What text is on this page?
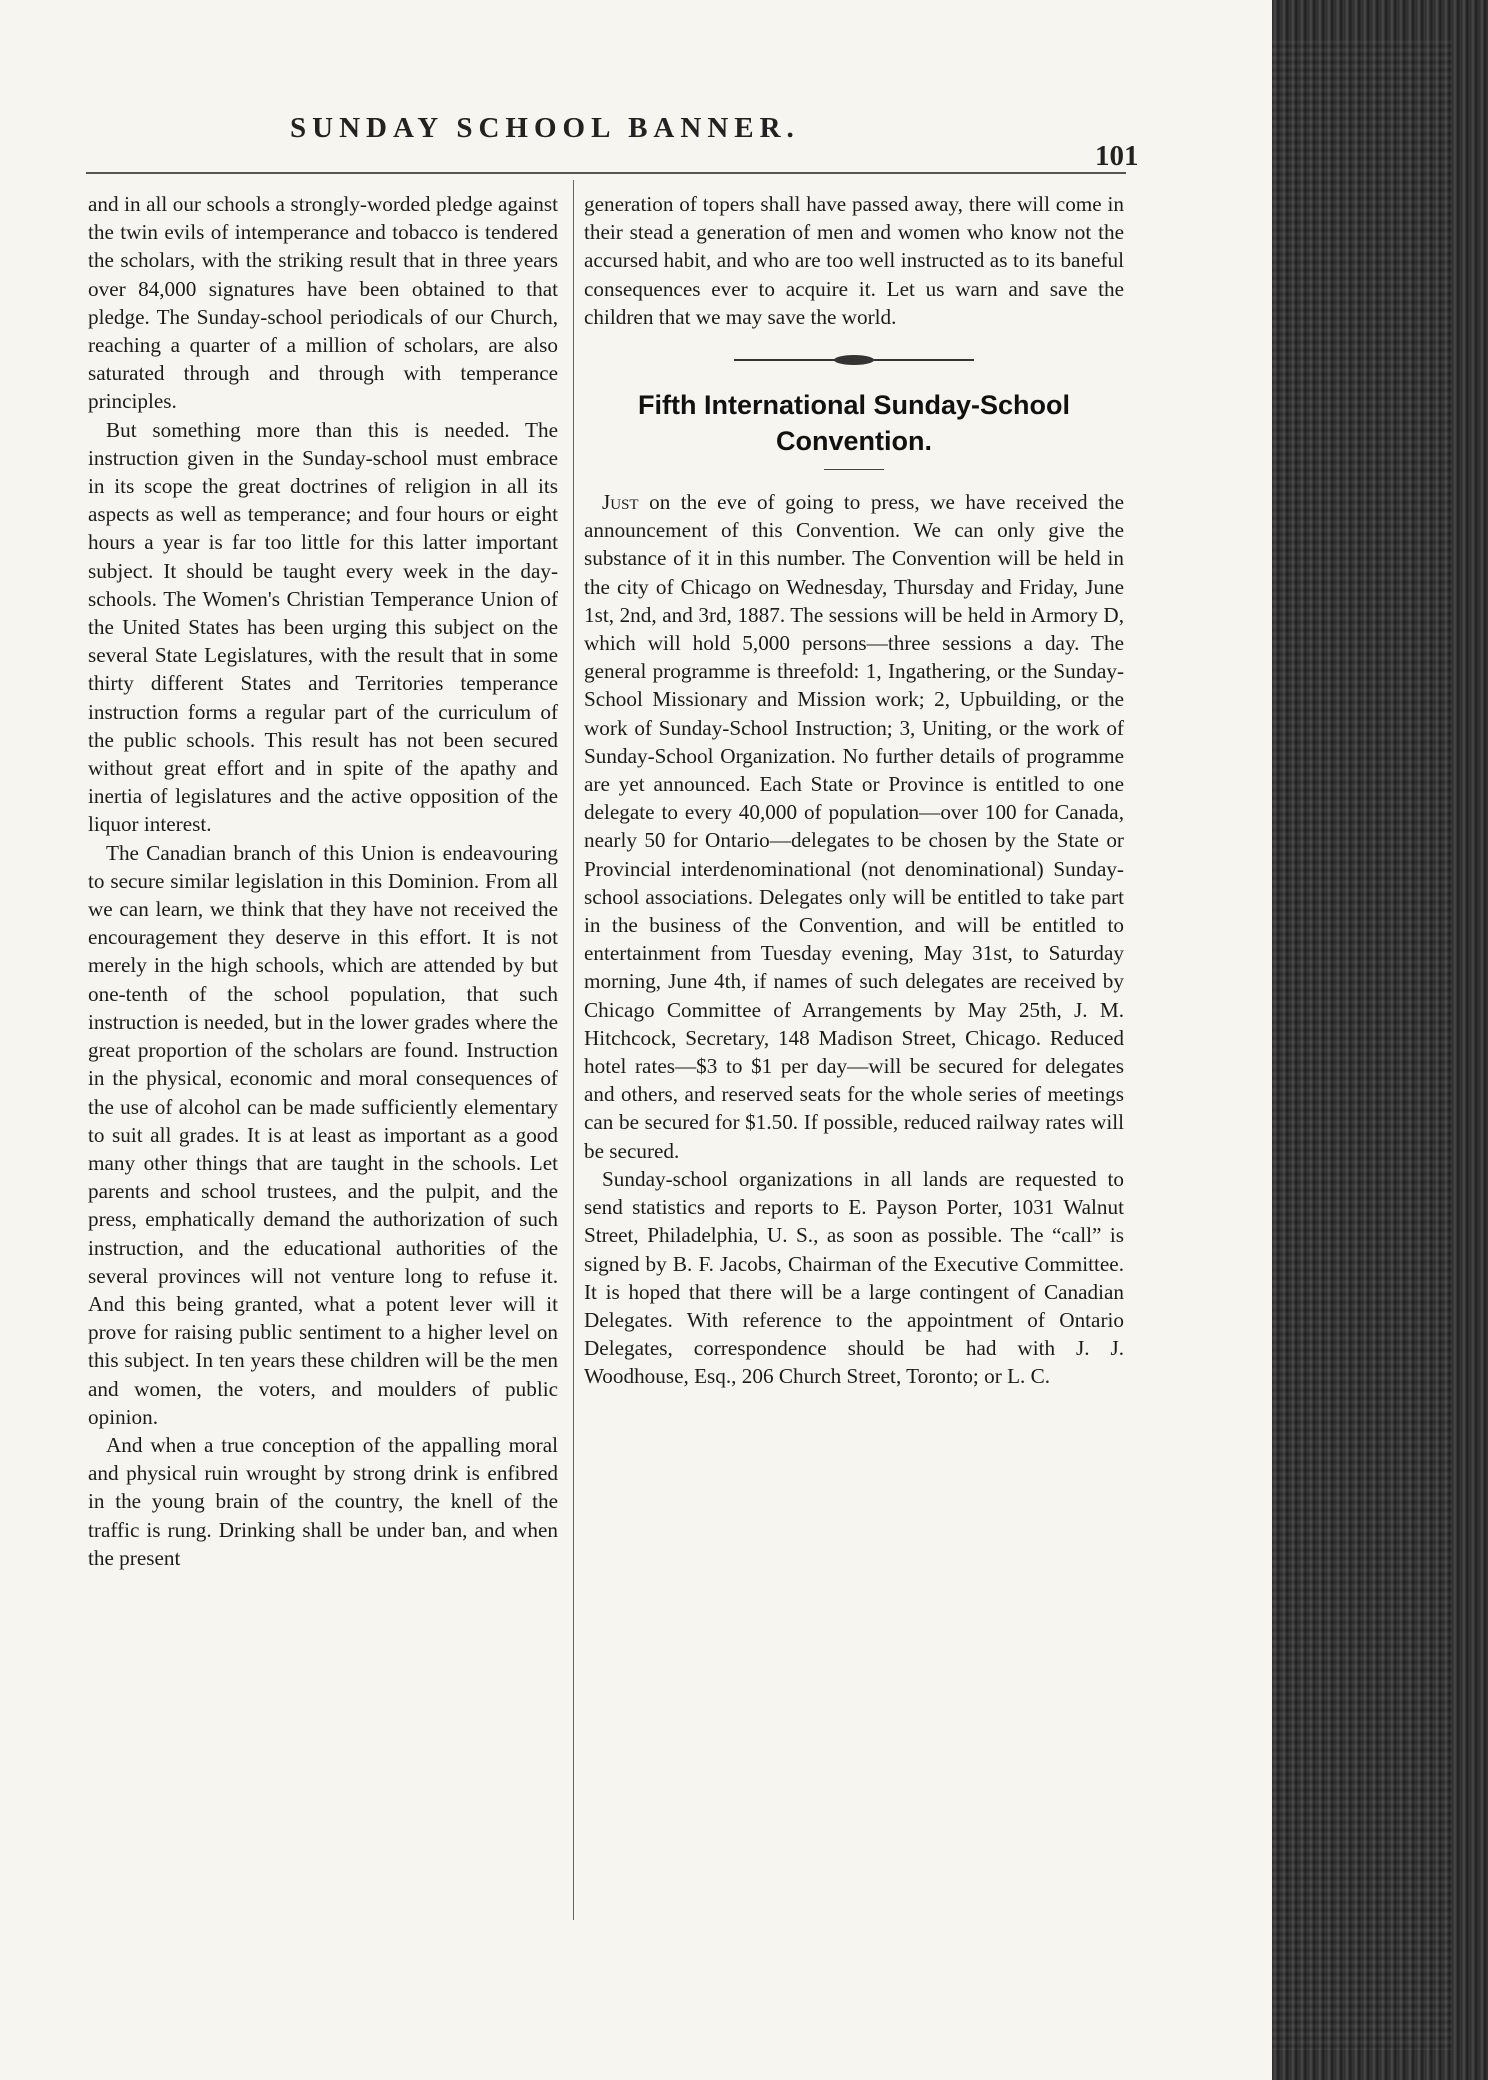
SUNDAY SCHOOL BANNER.
101

and in all our schools a strongly-worded pledge against the twin evils of intemperance and tobacco is tendered the scholars, with the striking result that in three years over 84,000 signatures have been obtained to that pledge. The Sunday-school periodicals of our Church, reaching a quarter of a million of scholars, are also saturated through and through with temperance principles.

But something more than this is needed. The instruction given in the Sunday-school must embrace in its scope the great doctrines of religion in all its aspects as well as temperance; and four hours or eight hours a year is far too little for this latter important subject. It should be taught every week in the day-schools. The Women's Christian Temperance Union of the United States has been urging this subject on the several State Legislatures, with the result that in some thirty different States and Territories temperance instruction forms a regular part of the curriculum of the public schools. This result has not been secured without great effort and in spite of the apathy and inertia of legislatures and the active opposition of the liquor interest.

The Canadian branch of this Union is endeavouring to secure similar legislation in this Dominion. From all we can learn, we think that they have not received the encouragement they deserve in this effort. It is not merely in the high schools, which are attended by but one-tenth of the school population, that such instruction is needed, but in the lower grades where the great proportion of the scholars are found. Instruction in the physical, economic and moral consequences of the use of alcohol can be made sufficiently elementary to suit all grades. It is at least as important as a good many other things that are taught in the schools. Let parents and school trustees, and the pulpit, and the press, emphatically demand the authorization of such instruction, and the educational authorities of the several provinces will not venture long to refuse it. And this being granted, what a potent lever will it prove for raising public sentiment to a higher level on this subject. In ten years these children will be the men and women, the voters, and moulders of public opinion.

And when a true conception of the appalling moral and physical ruin wrought by strong drink is enfibred in the young brain of the country, the knell of the traffic is rung. Drinking shall be under ban, and when the present

generation of topers shall have passed away, there will come in their stead a generation of men and women who know not the accursed habit, and who are too well instructed as to its baneful consequences ever to acquire it. Let us warn and save the children that we may save the world.

Fifth International Sunday-School Convention.

Just on the eve of going to press, we have received the announcement of this Convention. We can only give the substance of it in this number. The Convention will be held in the city of Chicago on Wednesday, Thursday and Friday, June 1st, 2nd, and 3rd, 1887. The sessions will be held in Armory D, which will hold 5,000 persons—three sessions a day. The general programme is threefold: 1, Ingathering, or the Sunday-School Missionary and Mission work; 2, Upbuilding, or the work of Sunday-School Instruction; 3, Uniting, or the work of Sunday-School Organization. No further details of programme are yet announced. Each State or Province is entitled to one delegate to every 40,000 of population—over 100 for Canada, nearly 50 for Ontario—delegates to be chosen by the State or Provincial interdenominational (not denominational) Sunday-school associations. Delegates only will be entitled to take part in the business of the Convention, and will be entitled to entertainment from Tuesday evening, May 31st, to Saturday morning, June 4th, if names of such delegates are received by Chicago Committee of Arrangements by May 25th, J. M. Hitchcock, Secretary, 148 Madison Street, Chicago. Reduced hotel rates—$3 to $1 per day—will be secured for delegates and others, and reserved seats for the whole series of meetings can be secured for $1.50. If possible, reduced railway rates will be secured.

Sunday-school organizations in all lands are requested to send statistics and reports to E. Payson Porter, 1031 Walnut Street, Philadelphia, U. S., as soon as possible. The “call” is signed by B. F. Jacobs, Chairman of the Executive Committee. It is hoped that there will be a large contingent of Canadian Delegates. With reference to the appointment of Ontario Delegates, correspondence should be had with J. J. Woodhouse, Esq., 206 Church Street, Toronto; or L. C.
